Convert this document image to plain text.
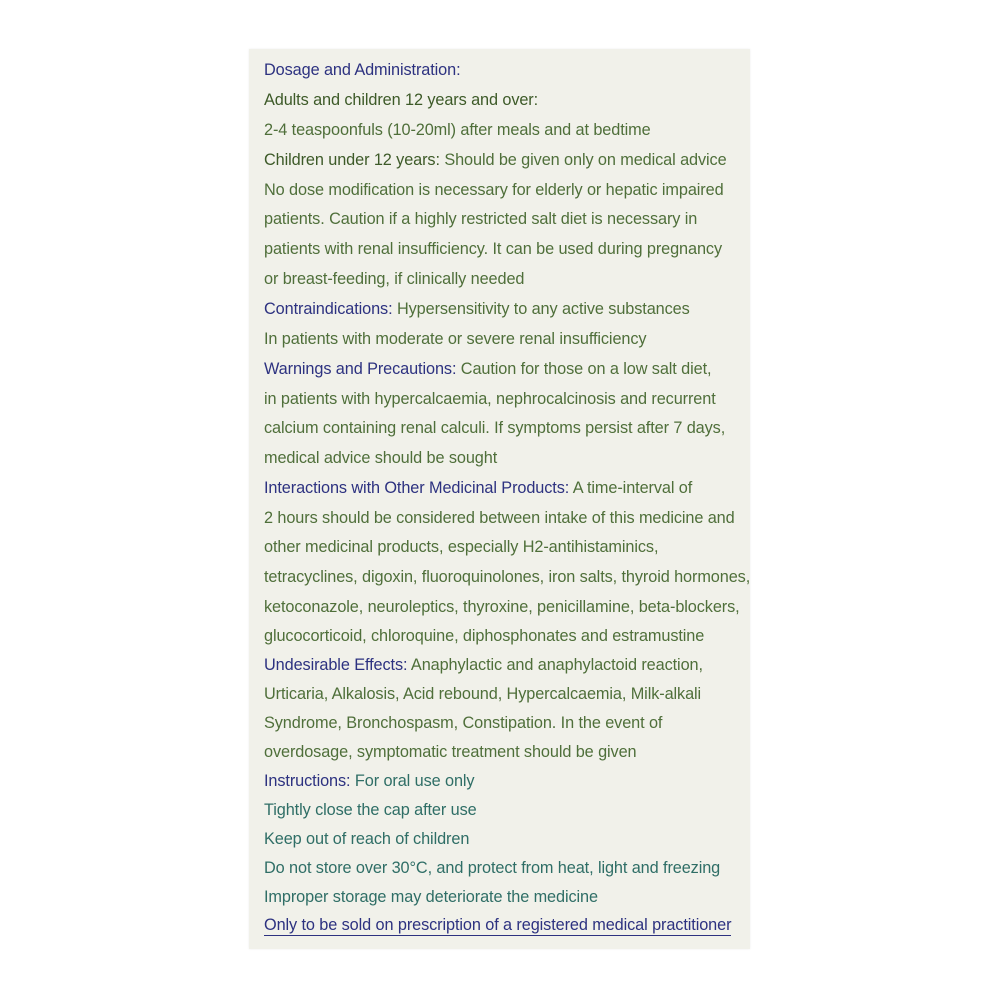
Dosage and Administration:
Adults and children 12 years and over:
2-4 teaspoonfuls (10-20ml) after meals and at bedtime
Children under 12 years: Should be given only on medical advice
No dose modification is necessary for elderly or hepatic impaired
patients. Caution if a highly restricted salt diet is necessary in
patients with renal insufficiency. It can be used during pregnancy
or breast-feeding, if clinically needed
Contraindications: Hypersensitivity to any active substances
In patients with moderate or severe renal insufficiency
Warnings and Precautions: Caution for those on a low salt diet,
in patients with hypercalcaemia, nephrocalcinosis and recurrent
calcium containing renal calculi. If symptoms persist after 7 days,
medical advice should be sought
Interactions with Other Medicinal Products: A time-interval of
2 hours should be considered between intake of this medicine and
other medicinal products, especially H2-antihistaminics,
tetracyclines, digoxin, fluoroquinolones, iron salts, thyroid hormones,
ketoconazole, neuroleptics, thyroxine, penicillamine, beta-blockers,
glucocorticoid, chloroquine, diphosphonates and estramustine
Undesirable Effects: Anaphylactic and anaphylactoid reaction,
Urticaria, Alkalosis, Acid rebound, Hypercalcaemia, Milk-alkali
Syndrome, Bronchospasm, Constipation. In the event of
overdosage, symptomatic treatment should be given
Instructions: For oral use only
Tightly close the cap after use
Keep out of reach of children
Do not store over 30°C, and protect from heat, light and freezing
Improper storage may deteriorate the medicine
Only to be sold on prescription of a registered medical practitioner
